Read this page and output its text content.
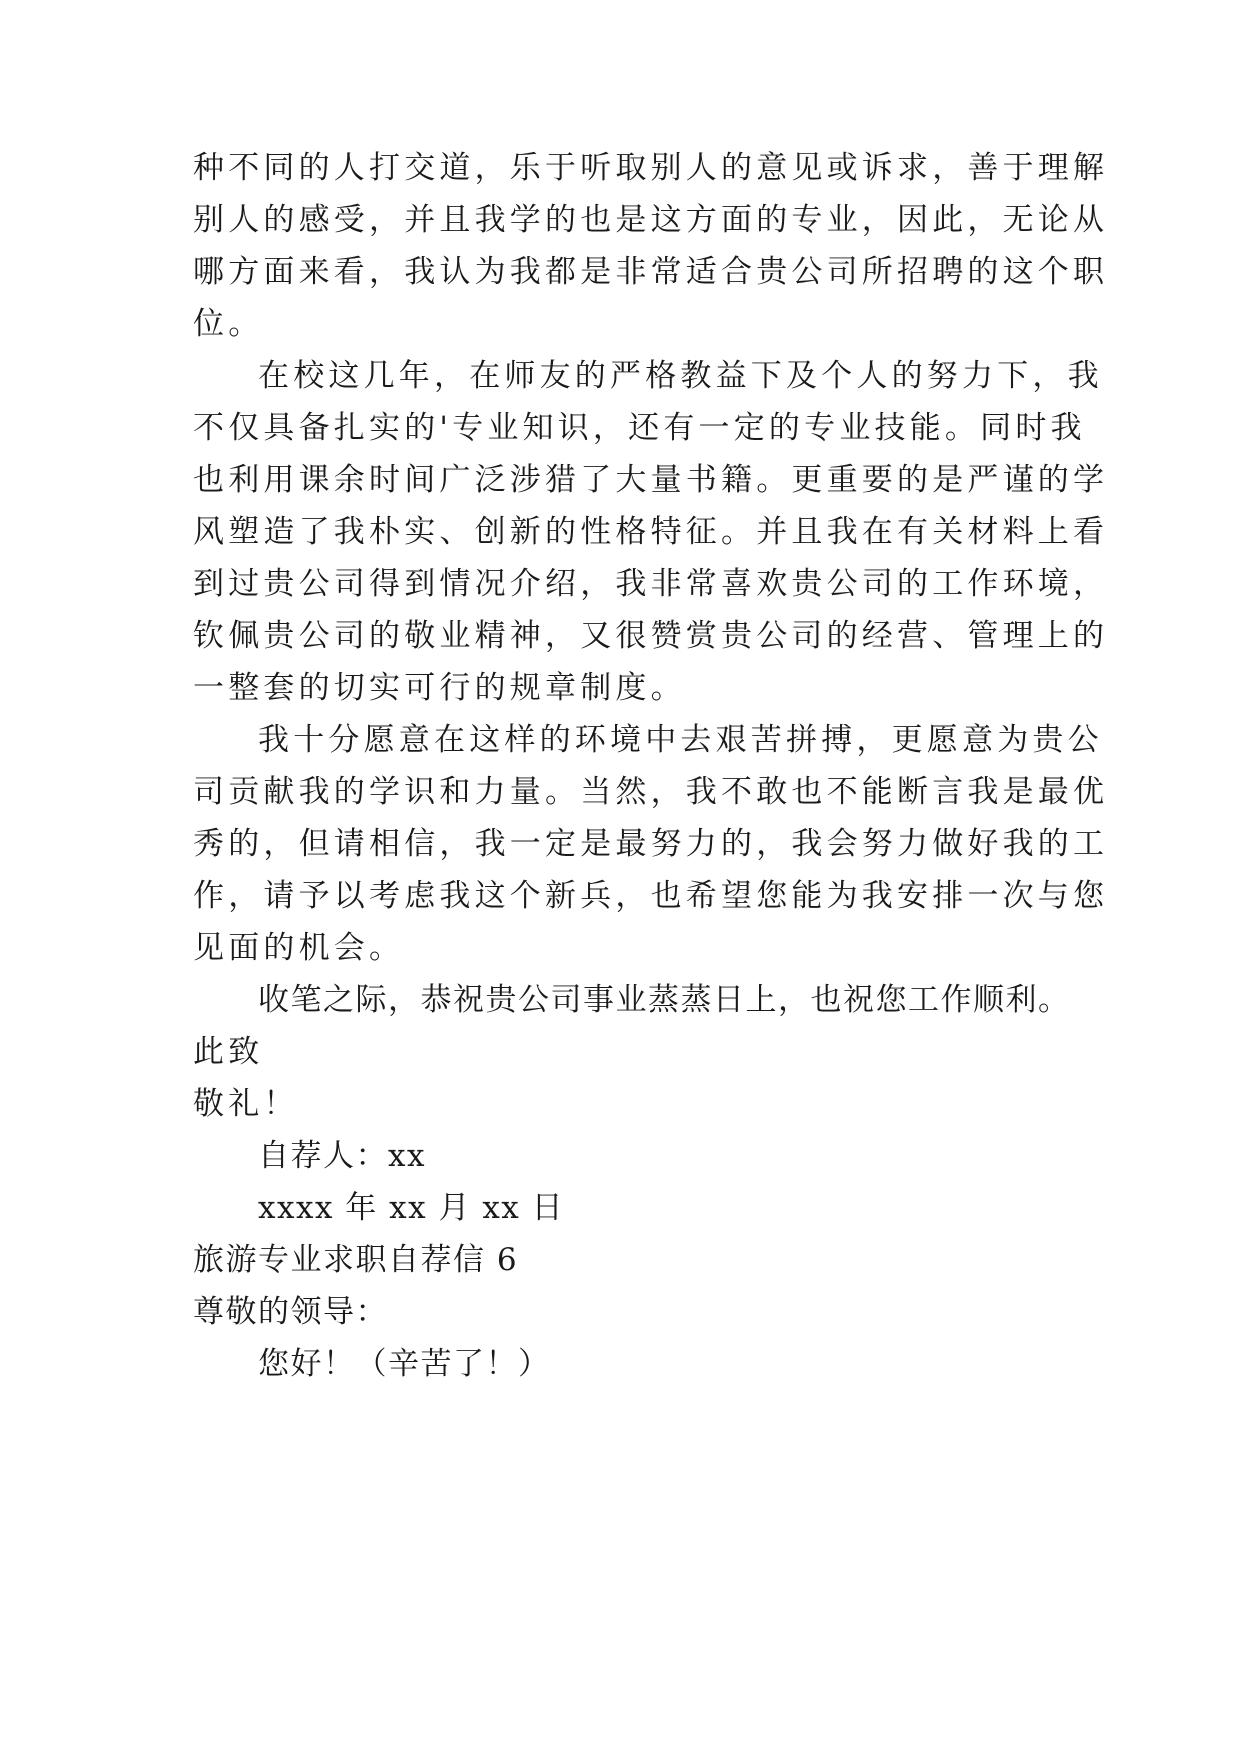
种不同的人打交道，乐于听取别人的意见或诉求，善于理解
别人的感受，并且我学的也是这方面的专业，因此，无论从
哪方面来看，我认为我都是非常适合贵公司所招聘的这个职
位。
在校这几年，在师友的严格教益下及个人的努力下，我
不仅具备扎实的'专业知识，还有一定的专业技能。同时我
也利用课余时间广泛涉猎了大量书籍。更重要的是严谨的学
风塑造了我朴实、创新的性格特征。并且我在有关材料上看
到过贵公司得到情况介绍，我非常喜欢贵公司的工作环境，
钦佩贵公司的敬业精神，又很赞赏贵公司的经营、管理上的
一整套的切实可行的规章制度。
我十分愿意在这样的环境中去艰苦拼搏，更愿意为贵公
司贡献我的学识和力量。当然，我不敢也不能断言我是最优
秀的，但请相信，我一定是最努力的，我会努力做好我的工
作，请予以考虑我这个新兵，也希望您能为我安排一次与您
见面的机会。
收笔之际，恭祝贵公司事业蒸蒸日上，也祝您工作顺利。
此致
敬礼！
自荐人：xx
xxxx 年 xx 月 xx 日
旅游专业求职自荐信 6
尊敬的领导：
您好！（辛苦了！）
